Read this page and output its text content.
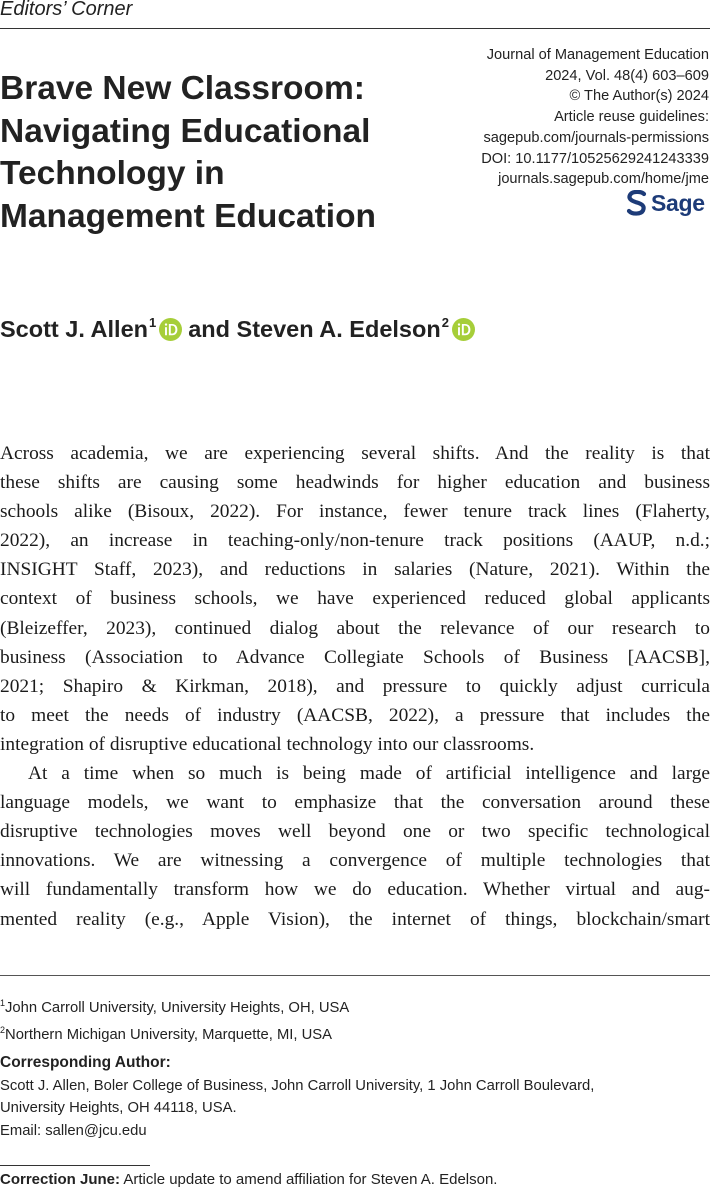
Editors’ Corner
Brave New Classroom:
Navigating Educational
Technology in
Management Education
Journal of Management Education
2024, Vol. 48(4) 603–609
© The Author(s) 2024
Article reuse guidelines:
sagepub.com/journals-permissions
DOI: 10.1177/10525629241243339
journals.sagepub.com/home/jme
Sage
Scott J. Allen$^1$ and
Steven A. Edelson$^2$

Across academia, we are experiencing several shifts. And the reality is that

these shifts are causing some headwinds for higher education and business

schools alike (Bisoux, 2022). For instance, fewer tenure track lines (Flaherty,

2022), an increase in teaching-only/non-tenure track positions (AAUP, n.d.;

INSIGHT Staff, 2023), and reductions in salaries (Nature, 2021). Within the

context of business schools, we have experienced reduced global applicants

(Bleizeffer, 2023), continued dialog about the relevance of our research to

business (Association to Advance Collegiate Schools of Business [AACSB],

2021; Shapiro & Kirkman, 2018), and pressure to quickly adjust curricula

to meet the needs of industry (AACSB, 2022), a pressure that includes the

integration of disruptive educational technology into our classrooms.

At a time when so much is being made of artificial intelligence and large

language models, we want to emphasize that the conversation around these

disruptive technologies moves well beyond one or two specific technological

innovations. We are witnessing a convergence of multiple technologies that

will fundamentally transform how we do education. Whether virtual and aug-

mented reality (e.g., Apple Vision), the internet of things, blockchain/smart

$^1$John Carroll University, University Heights, OH, USA
$^2$Northern Michigan University, Marquette, MI, USA
Corresponding Author:
Scott J. Allen, Boler College of Business, John Carroll University, 1 John Carroll Boulevard,
University Heights, OH 44118, USA.
Email: sallen@jcu.edu
Correction June: Article update to amend affiliation for Steven A. Edelson.
